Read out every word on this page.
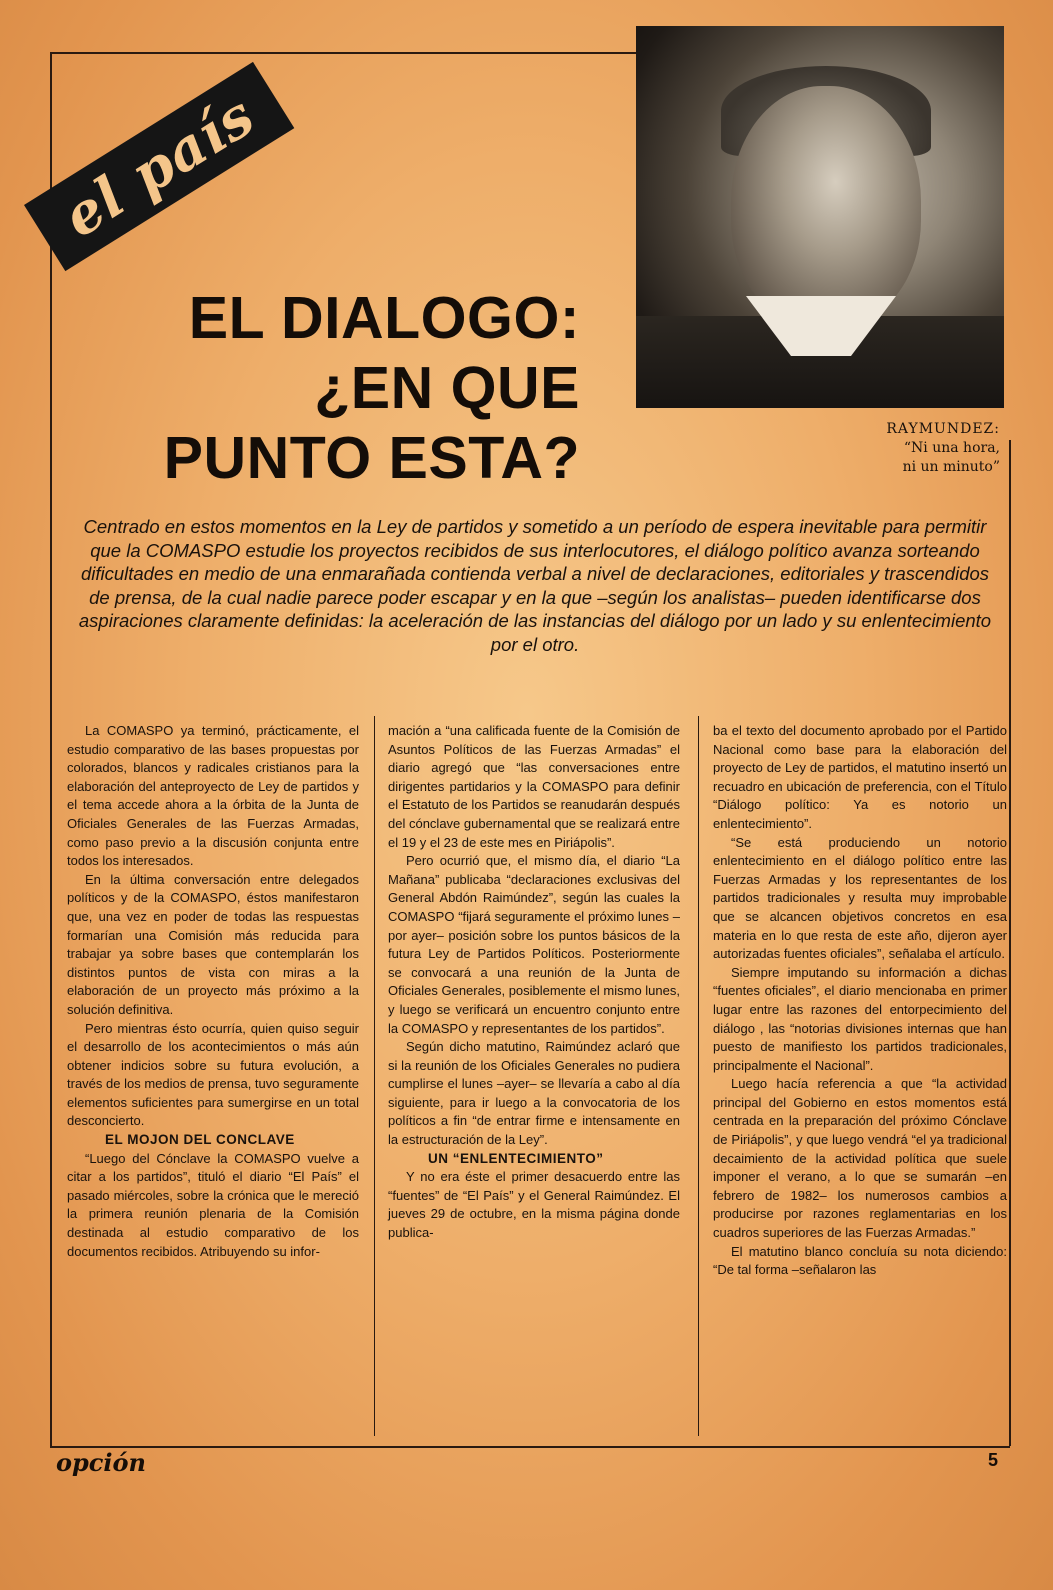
el país
EL DIALOGO:
¿EN QUE
PUNTO ESTA?	RAYMUNDEZ:
“Ni una hora,
ni un minuto”
Centrado en estos momentos en la Ley de partidos y sometido a un período de espera inevitable para permitir que la COMASPO estudie los proyectos recibidos de sus interlocutores, el diálogo político avanza sorteando dificultades en medio de una enmarañada contienda verbal a nivel de declaraciones, editoriales y trascendidos de prensa, de la cual nadie parece poder escapar y en la que –según los analistas– pueden identificarse dos aspiraciones claramente definidas: la aceleración de las instancias del diálogo por un lado y su enlentecimiento por el otro.

La COMASPO ya terminó, prácticamente, el estudio comparativo de las bases propuestas por colorados, blancos y radicales cristianos para la elaboración del anteproyecto de Ley de partidos y el tema accede ahora a la órbita de la Junta de Oficiales Generales de las Fuerzas Armadas, como paso previo a la discusión conjunta entre todos los interesados.

En la última conversación entre delegados políticos y de la COMASPO, éstos manifestaron que, una vez en poder de todas las respuestas formarían una Comisión más reducida para trabajar ya sobre bases que contemplarán los distintos puntos de vista con miras a la elaboración de un proyecto más próximo a la solución definitiva.

Pero mientras ésto ocurría, quien quiso seguir el desarrollo de los acontecimientos o más aún obtener indicios sobre su futura evolución, a través de los medios de prensa, tuvo seguramente elementos suficientes para sumergirse en un total desconcierto.

EL MOJON DEL CONCLAVE

“Luego del Cónclave la COMASPO vuelve a citar a los partidos”, tituló el diario “El País” el pasado miércoles, sobre la crónica que le mereció la primera reunión plenaria de la Comisión destinada al estudio comparativo de los documentos recibidos. Atribuyendo su infor-

mación a “una calificada fuente de la Comisión de Asuntos Políticos de las Fuerzas Armadas” el diario agregó que “las conversaciones entre dirigentes partidarios y la COMASPO para definir el Estatuto de los Partidos se reanudarán después del cónclave gubernamental que se realizará entre el 19 y el 23 de este mes en Piriápolis”.

Pero ocurrió que, el mismo día, el diario “La Mañana” publicaba “declaraciones exclusivas del General Abdón Raimúndez”, según las cuales la COMASPO “fijará seguramente el próximo lunes –por ayer– posición sobre los puntos básicos de la futura Ley de Partidos Políticos. Posteriormente se convocará a una reunión de la Junta de Oficiales Generales, posiblemente el mismo lunes, y luego se verificará un encuentro conjunto entre la COMASPO y representantes de los partidos”.

Según dicho matutino, Raimúndez aclaró que si la reunión de los Oficiales Generales no pudiera cumplirse el lunes –ayer– se llevaría a cabo al día siguiente, para ir luego a la convocatoria de los políticos a fin “de entrar firme e intensamente en la estructuración de la Ley”.

UN “ENLENTECIMIENTO”

Y no era éste el primer desacuerdo entre las “fuentes” de “El País” y el General Raimúndez. El jueves 29 de octubre, en la misma página donde publica-

ba el texto del documento aprobado por el Partido Nacional como base para la elaboración del proyecto de Ley de partidos, el matutino insertó un recuadro en ubicación de preferencia, con el Título “Diálogo político: Ya es notorio un enlentecimiento”.

“Se está produciendo un notorio enlentecimiento en el diálogo político entre las Fuerzas Armadas y los representantes de los partidos tradicionales y resulta muy improbable que se alcancen objetivos concretos en esa materia en lo que resta de este año, dijeron ayer autorizadas fuentes oficiales”, señalaba el artículo.

Siempre imputando su información a dichas “fuentes oficiales”, el diario mencionaba en primer lugar entre las razones del entorpecimiento del diálogo , las “notorias divisiones internas que han puesto de manifiesto los partidos tradicionales, principalmente el Nacional”.

Luego hacía referencia a que “la actividad principal del Gobierno en estos momentos está centrada en la preparación del próximo Cónclave de Piriápolis”, y que luego vendrá “el ya tradicional decaimiento de la actividad política que suele imponer el verano, a lo que se sumarán –en febrero de 1982– los numerosos cambios a producirse por razones reglamentarias en los cuadros superiores de las Fuerzas Armadas.”

El matutino blanco concluía su nota diciendo: “De tal forma –señalaron las

opción	5
